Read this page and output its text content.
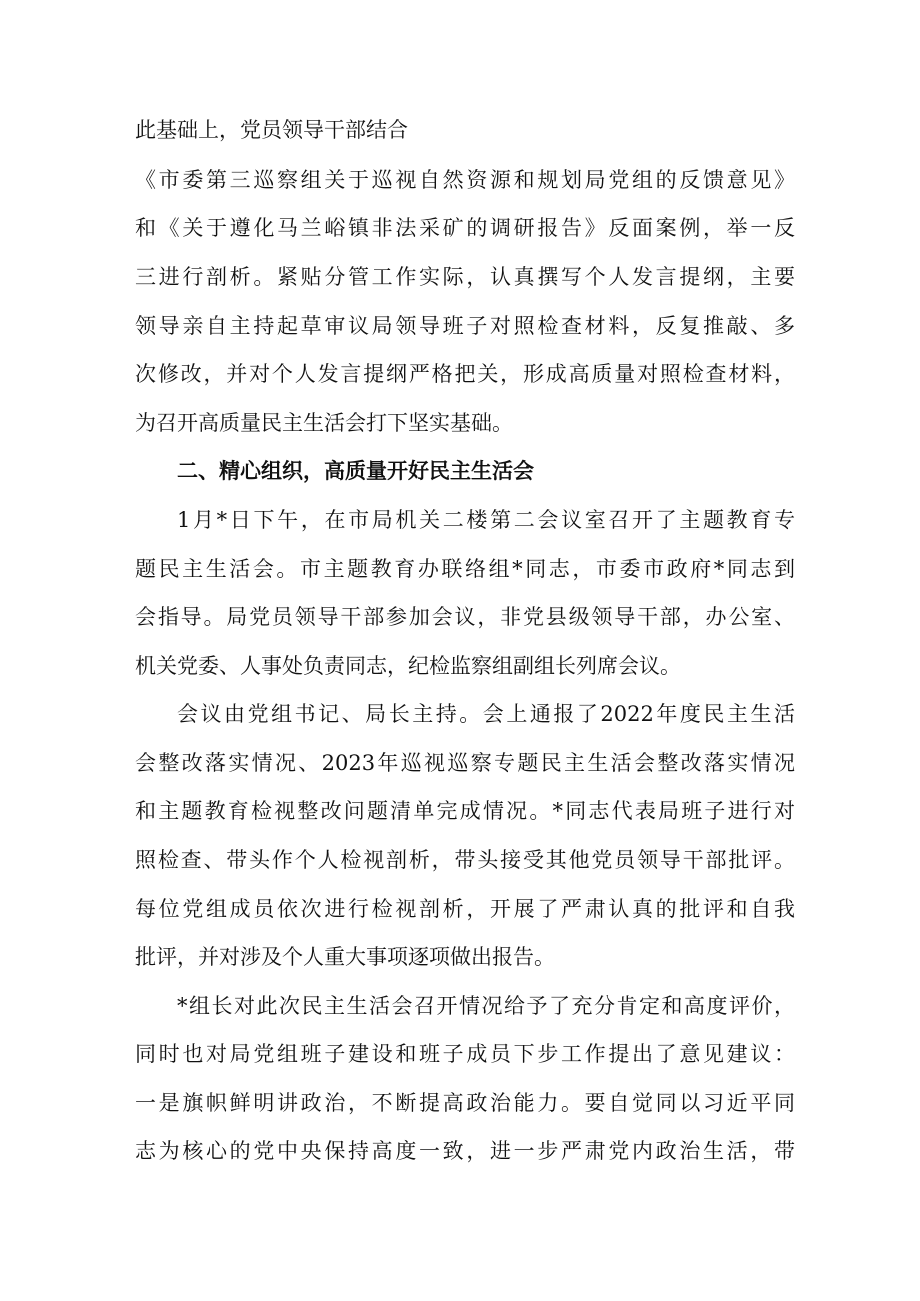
此基础上，党员领导干部结合

《市委第三巡察组关于巡视自然资源和规划局党组的反馈意见》

和《关于遵化马兰峪镇非法采矿的调研报告》反面案例，举一反

三进行剖析。紧贴分管工作实际，认真撰写个人发言提纲，主要

领导亲自主持起草审议局领导班子对照检查材料，反复推敲、多

次修改，并对个人发言提纲严格把关，形成高质量对照检查材料，

为召开高质量民主生活会打下坚实基础。

二、精心组织，高质量开好民主生活会

1月*日下午，在市局机关二楼第二会议室召开了主题教育专

题民主生活会。市主题教育办联络组*同志，市委市政府*同志到

会指导。局党员领导干部参加会议，非党县级领导干部，办公室、

机关党委、人事处负责同志，纪检监察组副组长列席会议。

会议由党组书记、局长主持。会上通报了2022年度民主生活

会整改落实情况、2023年巡视巡察专题民主生活会整改落实情况

和主题教育检视整改问题清单完成情况。*同志代表局班子进行对

照检查、带头作个人检视剖析，带头接受其他党员领导干部批评。

每位党组成员依次进行检视剖析，开展了严肃认真的批评和自我

批评，并对涉及个人重大事项逐项做出报告。

*组长对此次民主生活会召开情况给予了充分肯定和高度评价，

同时也对局党组班子建设和班子成员下步工作提出了意见建议：

一是旗帜鲜明讲政治，不断提高政治能力。要自觉同以习近平同

志为核心的党中央保持高度一致，进一步严肃党内政治生活，带
